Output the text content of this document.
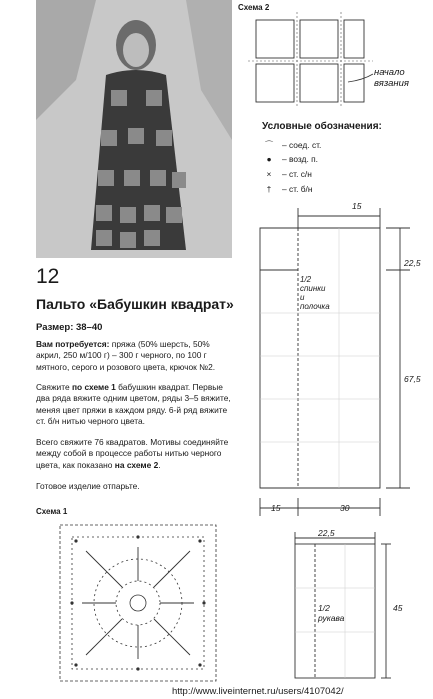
Схема 2
начало
вязания
Условные обозначения:
⌒ – соед. ст.
● – возд. п.
× – ст. с/н
† – ст. б/н
15
22,5
67,5
15	30
1/2
спинки
и
полочка
22,5
45
1/2
рукава
12
Пальто «Бабушкин квадрат»
Размер: 38–40
Вам потребуется: пряжа (50% шерсть, 50% акрил, 250 м/100 г) – 300 г черного, по 100 г мятного, серого и розового цвета, крючок №2.
Свяжите по схеме 1 бабушкин квадрат. Первые два ряда вяжите одним цветом, ряды 3–5 вяжите, меняя цвет пряжи в каждом ряду. 6-й ряд вяжите ст. б/н нитью черного цвета.
Всего свяжите 76 квадратов. Мотивы соединяйте между собой в процессе работы нитью черного цвета, как показано на схеме 2.
Готовое изделие отпарьте.
Схема 1
http://www.liveinternet.ru/users/4107042/
